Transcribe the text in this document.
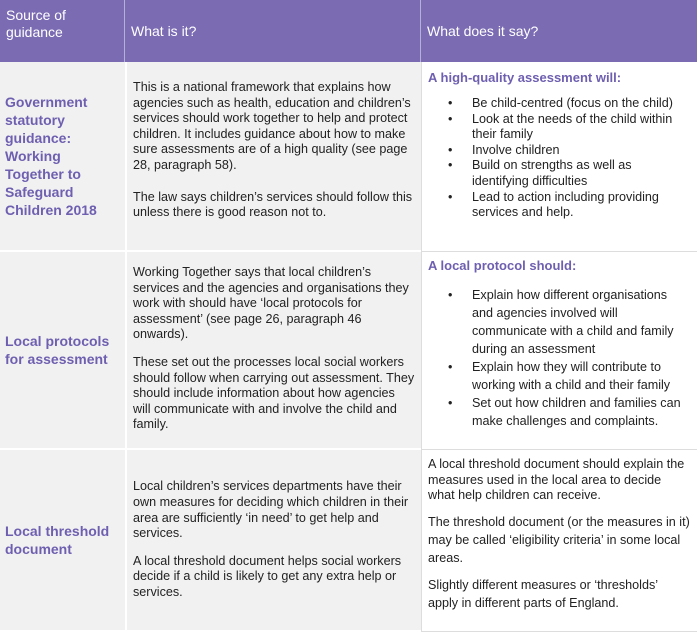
Source of guidance	What is it?	What does it say?
Government statutory guidance: Working Together to Safeguard Children 2018

This is a national framework that explains how agencies such as health, education and children’s services should work together to help and protect children. It includes guidance about how to make sure assessments are of a high quality (see page 28, paragraph 58).

The law says children’s services should follow this unless there is good reason not to.

A high-quality assessment will:
• Be child-centred (focus on the child)
• Look at the needs of the child within their family
• Involve children
• Build on strengths as well as identifying difficulties
• Lead to action including providing services and help.
Local protocols for assessment

Working Together says that local children’s services and the agencies and organisations they work with should have ‘local protocols for assessment’ (see page 26, paragraph 46 onwards).

These set out the processes local social workers should follow when carrying out assessment. They should include information about how agencies will communicate with and involve the child and family.

A local protocol should:
• Explain how different organisations and agencies involved will communicate with a child and family during an assessment
• Explain how they will contribute to working with a child and their family
• Set out how children and families can make challenges and complaints.
Local threshold document

Local children’s services departments have their own measures for deciding which children in their area are sufficiently ‘in need’ to get help and services.

A local threshold document helps social workers decide if a child is likely to get any extra help or services.

A local threshold document should explain the measures used in the local area to decide what help children can receive.

The threshold document (or the measures in it) may be called ‘eligibility criteria’ in some local areas.

Slightly different measures or ‘thresholds’ apply in different parts of England.
